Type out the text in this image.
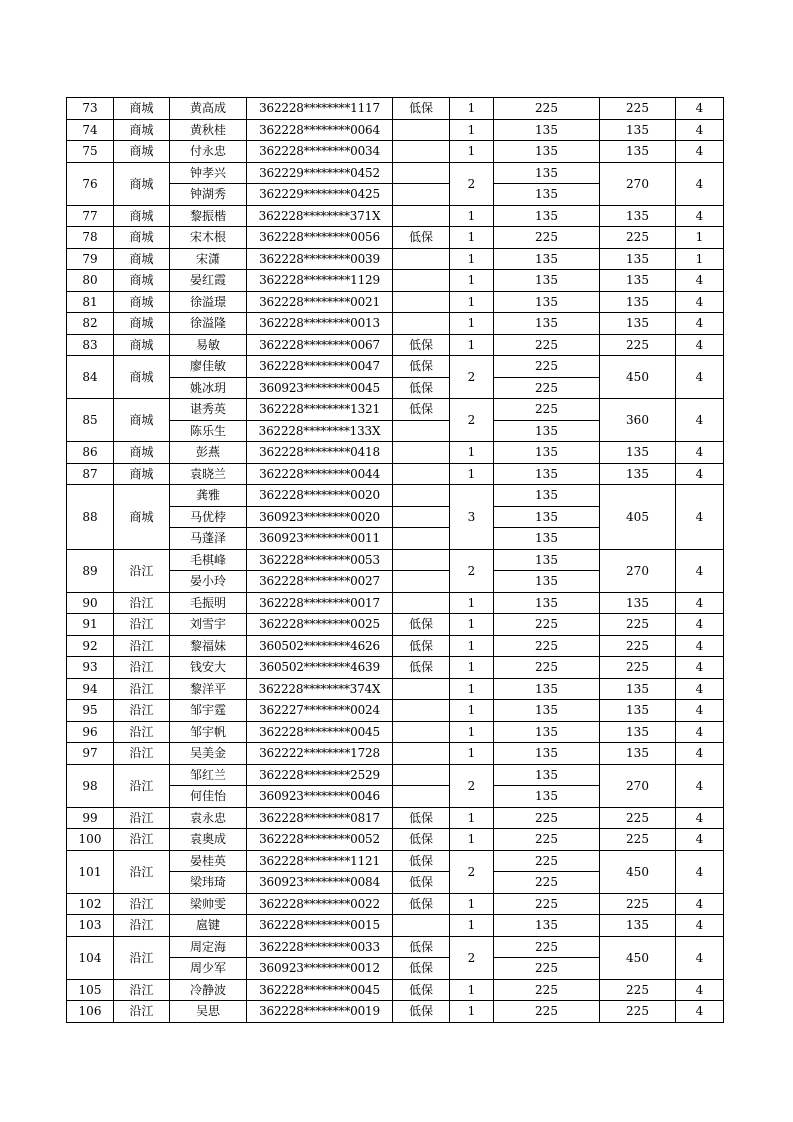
73	商城	黄高成	362228********1117	低保	1	225	225	4
74	商城	黄秋桂	362228********0064		1	135	135	4
75	商城	付永忠	362228********0034		1	135	135	4
76	商城	钟孝兴	362229********0452		2	135	270	4
		钟湖秀	362229********0425			135		
77	商城	黎振楷	362228********371X		1	135	135	4
78	商城	宋木根	362228********0056	低保	1	225	225	1
79	商城	宋潇	362228********0039		1	135	135	1
80	商城	晏红霞	362228********1129		1	135	135	4
81	商城	徐溢璟	362228********0021		1	135	135	4
82	商城	徐溢隆	362228********0013		1	135	135	4
83	商城	易敏	362228********0067	低保	1	225	225	4
84	商城	廖佳敏	362228********0047	低保	2	225	450	4
		姚冰玥	360923********0045	低保		225		
85	商城	谌秀英	362228********1321	低保	2	225	360	4
		陈乐生	362228********133X			135		
86	商城	彭燕	362228********0418		1	135	135	4
87	商城	袁晓兰	362228********0044		1	135	135	4
88	商城	龚雅	362228********0020		3	135	405	4
		马优桲	360923********0020			135		
		马蓬泽	360923********0011			135		
89	沿江	毛棋峰	362228********0053		2	135	270	4
		晏小玲	362228********0027			135		
90	沿江	毛振明	362228********0017		1	135	135	4
91	沿江	刘雪宇	362228********0025	低保	1	225	225	4
92	沿江	黎福妹	360502********4626	低保	1	225	225	4
93	沿江	钱安大	360502********4639	低保	1	225	225	4
94	沿江	黎洋平	362228********374X		1	135	135	4
95	沿江	邹宇霆	362227********0024		1	135	135	4
96	沿江	邹宇帆	362228********0045		1	135	135	4
97	沿江	吴美金	362222********1728		1	135	135	4
98	沿江	邹红兰	362228********2529		2	135	270	4
		何佳怡	360923********0046			135		
99	沿江	袁永忠	362228********0817	低保	1	225	225	4
100	沿江	袁奥成	362228********0052	低保	1	225	225	4
101	沿江	晏桂英	362228********1121	低保	2	225	450	4
		梁玮琦	360923********0084	低保		225		
102	沿江	梁帅雯	362228********0022	低保	1	225	225	4
103	沿江	扈键	362228********0015		1	135	135	4
104	沿江	周定海	362228********0033	低保	2	225	450	4
		周少军	360923********0012	低保		225		
105	沿江	冷静波	362228********0045	低保	1	225	225	4
106	沿江	吴思	362228********0019	低保	1	225	225	4
